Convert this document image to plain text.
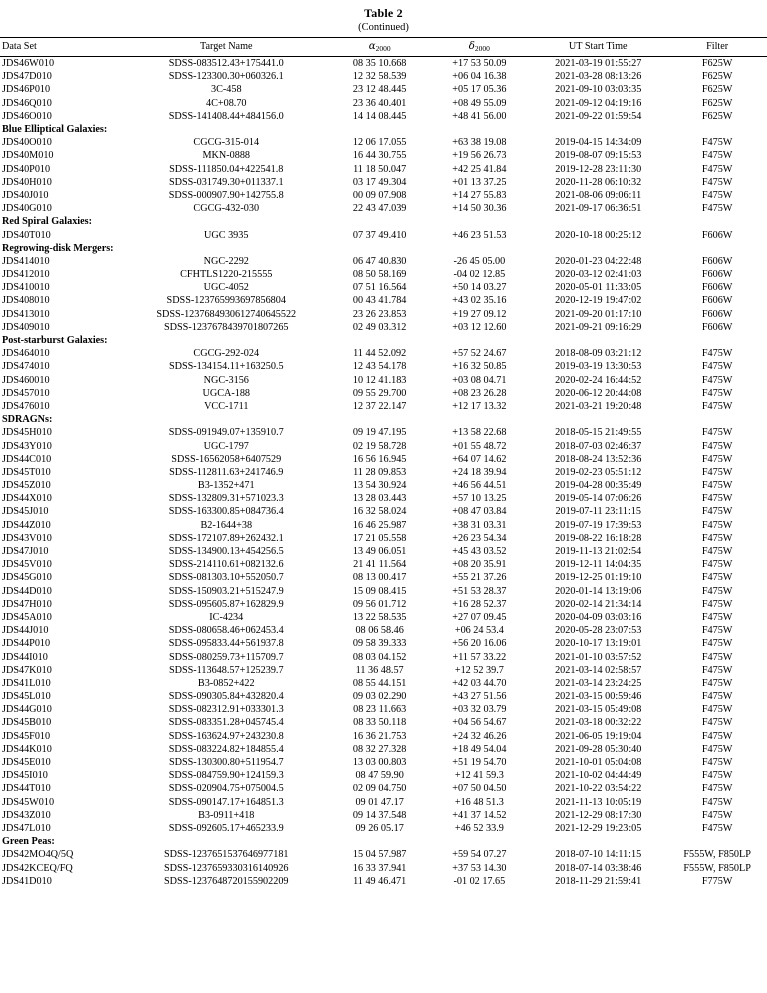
Table 2
(Continued)
Data Set	Target Name	$\alpha_{2000}$	$\delta_{2000}$	UT Start Time	Filter
JDS46W010	SDSS-083512.43+175441.0	08 35 10.668	+17 53 50.09	2021-03-19 01:55:27	F625W
JDS47D010	SDSS-123300.30+060326.1	12 32 58.539	+06 04 16.38	2021-03-28 08:13:26	F625W
JDS46P010	3C-458	23 12 48.445	+05 17 05.36	2021-09-10 03:03:35	F625W
JDS46Q010	4C+08.70	23 36 40.401	+08 49 55.09	2021-09-12 04:19:16	F625W
JDS46O010	SDSS-141408.44+484156.0	14 14 08.445	+48 41 56.00	2021-09-22 01:59:54	F625W
Blue Elliptical Galaxies:					
JDS40O010	CGCG-315-014	12 06 17.055	+63 38 19.08	2019-04-15 14:34:09	F475W
JDS40M010	MKN-0888	16 44 30.755	+19 56 26.73	2019-08-07 09:15:53	F475W
JDS40P010	SDSS-111850.04+422541.8	11 18 50.047	+42 25 41.84	2019-12-28 23:11:30	F475W
JDS40H010	SDSS-031749.30+011337.1	03 17 49.304	+01 13 37.25	2020-11-28 06:10:32	F475W
JDS40J010	SDSS-000907.90+142755.8	00 09 07.908	+14 27 55.83	2021-08-06 09:06:11	F475W
JDS40G010	CGCG-432-030	22 43 47.039	+14 50 30.36	2021-09-17 06:36:51	F475W
Red Spiral Galaxies:					
JDS40T010	UGC 3935	07 37 49.410	+46 23 51.53	2020-10-18 00:25:12	F606W
Regrowing-disk Mergers:					
JDS414010	NGC-2292	06 47 40.830	-26 45 05.00	2020-01-23 04:22:48	F606W
JDS412010	CFHTLS1220-215555	08 50 58.169	-04 02 12.85	2020-03-12 02:41:03	F606W
JDS410010	UGC-4052	07 51 16.564	+50 14 03.27	2020-05-01 11:33:05	F606W
JDS408010	SDSS-123765993697856804	00 43 41.784	+43 02 35.16	2020-12-19 19:47:02	F606W
JDS413010	SDSS-1237684930612740645522	23 26 23.853	+19 27 09.12	2021-09-20 01:17:10	F606W
JDS409010	SDSS-1237678439701807265	02 49 03.312	+03 12 12.60	2021-09-21 09:16:29	F606W
Post-starburst Galaxies:					
JDS464010	CGCG-292-024	11 44 52.092	+57 52 24.67	2018-08-09 03:21:12	F475W
JDS474010	SDSS-134154.11+163250.5	12 43 54.178	+16 32 50.85	2019-03-19 13:30:53	F475W
JDS460010	NGC-3156	10 12 41.183	+03 08 04.71	2020-02-24 16:44:52	F475W
JDS457010	UGCA-188	09 55 29.700	+08 23 26.28	2020-06-12 20:44:08	F475W
JDS476010	VCC-1711	12 37 22.147	+12 17 13.32	2021-03-21 19:20:48	F475W
SDRAGNs:					
JDS45H010	SDSS-091949.07+135910.7	09 19 47.195	+13 58 22.68	2018-05-15 21:49:55	F475W
JDS43Y010	UGC-1797	02 19 58.728	+01 55 48.72	2018-07-03 02:46:37	F475W
JDS44C010	SDSS-16562058+6407529	16 56 16.945	+64 07 14.62	2018-08-24 13:52:36	F475W
JDS45T010	SDSS-112811.63+241746.9	11 28 09.853	+24 18 39.94	2019-02-23 05:51:12	F475W
JDS45Z010	B3-1352+471	13 54 30.924	+46 56 44.51	2019-04-28 00:35:49	F475W
JDS44X010	SDSS-132809.31+571023.3	13 28 03.443	+57 10 13.25	2019-05-14 07:06:26	F475W
JDS45J010	SDSS-163300.85+084736.4	16 32 58.024	+08 47 03.84	2019-07-11 23:11:15	F475W
JDS44Z010	B2-1644+38	16 46 25.987	+38 31 03.31	2019-07-19 17:39:53	F475W
JDS43V010	SDSS-172107.89+262432.1	17 21 05.558	+26 23 54.34	2019-08-22 16:18:28	F475W
JDS47J010	SDSS-134900.13+454256.5	13 49 06.051	+45 43 03.52	2019-11-13 21:02:54	F475W
JDS45V010	SDSS-214110.61+082132.6	21 41 11.564	+08 20 35.91	2019-12-11 14:04:35	F475W
JDS45G010	SDSS-081303.10+552050.7	08 13 00.417	+55 21 37.26	2019-12-25 01:19:10	F475W
JDS44D010	SDSS-150903.21+515247.9	15 09 08.415	+51 53 28.37	2020-01-14 13:19:06	F475W
JDS47H010	SDSS-095605.87+162829.9	09 56 01.712	+16 28 52.37	2020-02-14 21:34:14	F475W
JDS45A010	IC-4234	13 22 58.535	+27 07 09.45	2020-04-09 03:03:16	F475W
JDS44J010	SDSS-080658.46+062453.4	08 06 58.46	+06 24 53.4	2020-05-28 23:07:53	F475W
JDS44P010	SDSS-095833.44+561937.8	09 58 39.333	+56 20 16.06	2020-10-17 13:19:01	F475W
JDS44I010	SDSS-080259.73+115709.7	08 03 04.152	+11 57 33.22	2021-01-10 03:57:52	F475W
JDS47K010	SDSS-113648.57+125239.7	11 36 48.57	+12 52 39.7	2021-03-14 02:58:57	F475W
JDS41L010	B3-0852+422	08 55 44.151	+42 03 44.70	2021-03-14 23:24:25	F475W
JDS45L010	SDSS-090305.84+432820.4	09 03 02.290	+43 27 51.56	2021-03-15 00:59:46	F475W
JDS44G010	SDSS-082312.91+033301.3	08 23 11.663	+03 32 03.79	2021-03-15 05:49:08	F475W
JDS45B010	SDSS-083351.28+045745.4	08 33 50.118	+04 56 54.67	2021-03-18 00:32:22	F475W
JDS45F010	SDSS-163624.97+243230.8	16 36 21.753	+24 32 46.26	2021-06-05 19:19:04	F475W
JDS44K010	SDSS-083224.82+184855.4	08 32 27.328	+18 49 54.04	2021-09-28 05:30:40	F475W
JDS45E010	SDSS-130300.80+511954.7	13 03 00.803	+51 19 54.70	2021-10-01 05:04:08	F475W
JDS45I010	SDSS-084759.90+124159.3	08 47 59.90	+12 41 59.3	2021-10-02 04:44:49	F475W
JDS44T010	SDSS-020904.75+075004.5	02 09 04.750	+07 50 04.50	2021-10-22 03:54:22	F475W
JDS45W010	SDSS-090147.17+164851.3	09 01 47.17	+16 48 51.3	2021-11-13 10:05:19	F475W
JDS43Z010	B3-0911+418	09 14 37.548	+41 37 14.52	2021-12-29 08:17:30	F475W
JDS47L010	SDSS-092605.17+465233.9	09 26 05.17	+46 52 33.9	2021-12-29 19:23:05	F475W
Green Peas:					
JDS42MO4Q/5Q	SDSS-1237651537646977181	15 04 57.987	+59 54 07.27	2018-07-10 14:11:15	F555W, F850LP
JDS42KCEQ/FQ	SDSS-1237659330316140926	16 33 37.941	+37 53 14.30	2018-07-14 03:38:46	F555W, F850LP
JDS41D010	SDSS-1237648720155902209	11 49 46.471	-01 02 17.65	2018-11-29 21:59:41	F775W
